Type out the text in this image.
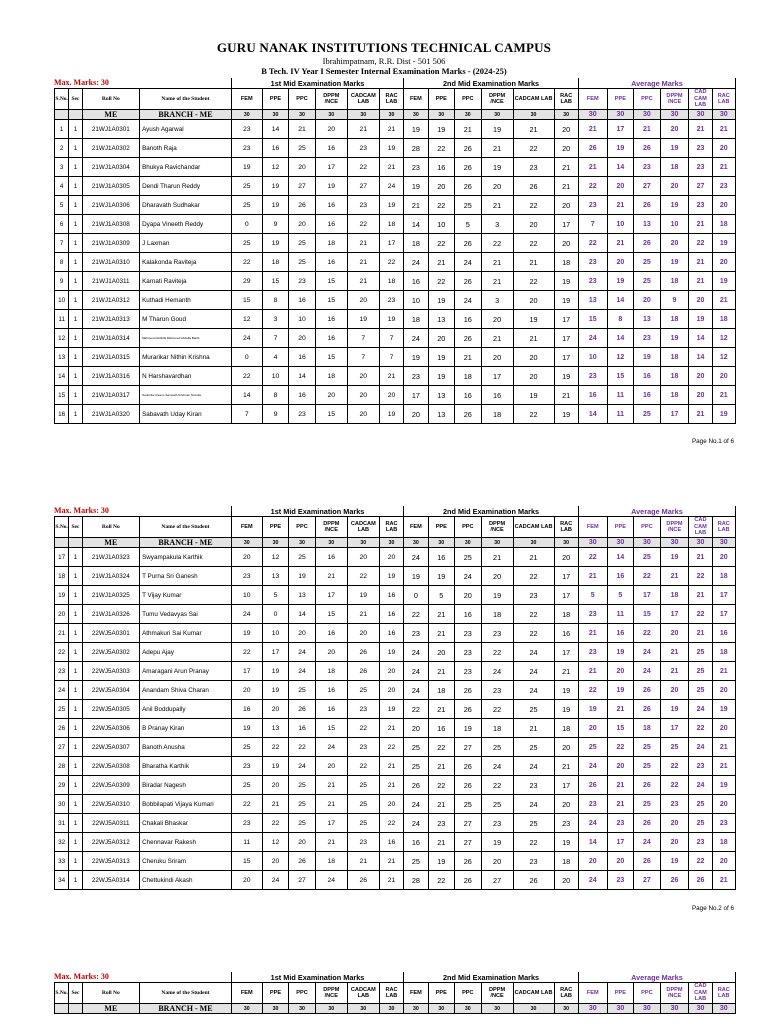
GURU NANAK INSTITUTIONS TECHNICAL CAMPUS
Ibrahimpatnam, R.R. Dist - 501 506
B Tech. IV Year I Semester Internal Examination Marks - (2024-25)
Max. Marks: 30
				1st Mid Examination Marks						2nd Mid Examination Marks						Average Marks					
S.No.	Sec	Roll No	Name of the Student	FEM	PPE	PPC	DPPM /NCE	CADCAM LAB	RAC LAB	FEM	PPE	PPC	DPPM /NCE	CADCAM LAB	RAC LAB	FEM	PPE	PPC	DPPM /NCE	CAD CAM LAB	RAC LAB
		ME	BRANCH - ME	30	30	30	30	30	30	30	30	30	30	30	30	30	30	30	30	30	30
1	1	21WJ1A0301	Ayush Agarwal	23	14	21	20	21	21	19	19	21	19	21	20	21	17	21	20	21	21
2	1	21WJ1A0302	Banoth Raja	23	16	25	16	23	19	28	22	26	21	22	20	26	19	26	19	23	20
3	1	21WJ1A0304	Bhukya Ravichandar	19	12	20	17	22	21	23	16	26	19	23	21	21	14	23	18	23	21
4	1	21WJ1A0305	Dendi Tharun Reddy	25	19	27	19	27	24	19	20	26	20	26	21	22	20	27	20	27	23
5	1	21WJ1A0306	Dharavath Sudhakar	25	19	26	16	23	19	21	22	25	21	22	20	23	21	26	19	23	20
6	1	21WJ1A0308	Dyapa Vineeth Reddy	0	9	20	16	22	18	14	10	5	3	20	17	7	10	13	10	21	18
7	1	21WJ1A0309	J Laxman	25	19	25	18	21	17	18	22	26	22	22	20	22	21	26	20	22	19
8	1	21WJ1A0310	Kalakonda Raviteja	22	18	25	16	21	22	24	21	24	21	21	18	23	20	25	19	21	20
9	1	21WJ1A0311	Karnati Raviteja	29	15	23	15	21	18	16	22	26	21	22	19	23	19	25	18	21	19
10	1	21WJ1A0312	Kuthadi Hemanth	15	8	16	15	20	23	10	19	24	3	20	19	13	14	20	9	20	21
11	1	21WJ1A0313	M Tharun Goud	12	3	10	16	19	19	18	13	16	20	19	17	15	8	13	18	19	18
12	1	21WJ1A0314	Mahmood Abdulla Mahmood Abdulla Bakhi	24	7	20	16	7	7	24	20	26	21	21	17	24	14	23	19	14	12
13	1	21WJ1A0315	Murarikar Nithin Krishna	0	4	16	15	7	7	19	19	21	20	20	17	10	12	19	18	14	12
14	1	21WJ1A0316	N Harshavardhan	22	10	14	18	20	21	23	19	18	17	20	19	23	15	16	18	20	20
15	1	21WJ1A0317	Nuduzila Greenu Sampath Krishnan Nuzulla	14	8	16	20	20	20	17	13	16	16	19	21	16	11	16	18	20	21
16	1	21WJ1A0320	Sabavath Uday Kiran	7	9	23	15	20	19	20	13	26	18	22	19	14	11	25	17	21	19
Page No.1 of 6
Max. Marks: 30
				1st Mid Examination Marks						2nd Mid Examination Marks						Average Marks					
S.No.	Sec	Roll No	Name of the Student	FEM	PPE	PPC	DPPM /NCE	CADCAM LAB	RAC LAB	FEM	PPE	PPC	DPPM /NCE	CADCAM LAB	RAC LAB	FEM	PPE	PPC	DPPM /NCE	CAD CAM LAB	RAC LAB
		ME	BRANCH - ME	30	30	30	30	30	30	30	30	30	30	30	30	30	30	30	30	30	30
17	1	21WJ1A0323	Swyampakula Karthik	20	12	25	16	20	20	24	16	25	21	21	20	22	14	25	19	21	20
18	1	21WJ1A0324	T Purna Sri Ganesh	23	13	19	21	22	19	19	19	24	20	22	17	21	16	22	21	22	18
19	1	21WJ1A0325	T Vijay Kumar	10	5	13	17	19	16	0	5	20	19	23	17	5	5	17	18	21	17
20	1	21WJ1A0326	Tumu Vedavyas Sai	24	0	14	15	21	16	22	21	16	18	22	18	23	11	15	17	22	17
21	1	22WJ5A0301	Athmakuri Sai Kumar	19	10	20	16	20	16	23	21	23	23	22	16	21	16	22	20	21	16
22	1	22WJ5A0302	Adepu Ajay	22	17	24	20	26	19	24	20	23	22	24	17	23	19	24	21	25	18
23	1	22WJ5A0303	Amaragani Arun Pranay	17	19	24	18	26	20	24	21	23	24	24	21	21	20	24	21	25	21
24	1	22WJ5A0304	Anandam Shiva Charan	20	19	25	16	25	20	24	18	26	23	24	19	22	19	26	20	25	20
25	1	22WJ5A0305	Anil Boddupally	16	20	26	16	23	19	22	21	26	22	25	19	19	21	26	19	24	19
26	1	22WJ5A0306	B Pranay Kiran	19	13	16	15	22	21	20	16	19	18	21	18	20	15	18	17	22	20
27	1	22WJ5A0307	Banoth Anusha	25	22	22	24	23	22	25	22	27	25	25	20	25	22	25	25	24	21
28	1	22WJ5A0308	Bharatha Karthik	23	19	24	20	22	21	25	21	26	24	24	21	24	20	25	22	23	21
29	1	22WJ5A0309	Biradar Nagesh	25	20	25	21	25	21	26	22	26	22	23	17	26	21	26	22	24	19
30	1	22WJ5A0310	Bobbilapati Vijaya Kumari	22	21	25	21	25	20	24	21	25	25	24	20	23	21	25	23	25	20
31	1	22WJ5A0311	Chakali Bhaskar	23	22	25	17	25	22	24	23	27	23	25	23	24	23	26	20	25	23
32	1	22WJ5A0312	Chennavar Rakesh	11	12	20	21	23	16	16	21	27	19	22	19	14	17	24	20	23	18
33	1	22WJ5A0313	Cheruku Sriram	15	20	26	18	21	21	25	19	26	20	23	18	20	20	26	19	22	20
34	1	22WJ5A0314	Chettukindi Akash	20	24	27	24	26	21	28	22	26	27	26	20	24	23	27	26	26	21
Page No.2 of 6
Max. Marks: 30
				1st Mid Examination Marks						2nd Mid Examination Marks						Average Marks					
S.No.	Sec	Roll No	Name of the Student	FEM	PPE	PPC	DPPM /NCE	CADCAM LAB	RAC LAB	FEM	PPE	PPC	DPPM /NCE	CADCAM LAB	RAC LAB	FEM	PPE	PPC	DPPM /NCE	CAD CAM LAB	RAC LAB
		ME	BRANCH - ME	30	30	30	30	30	30	30	30	30	30	30	30	30	30	30	30	30	30
